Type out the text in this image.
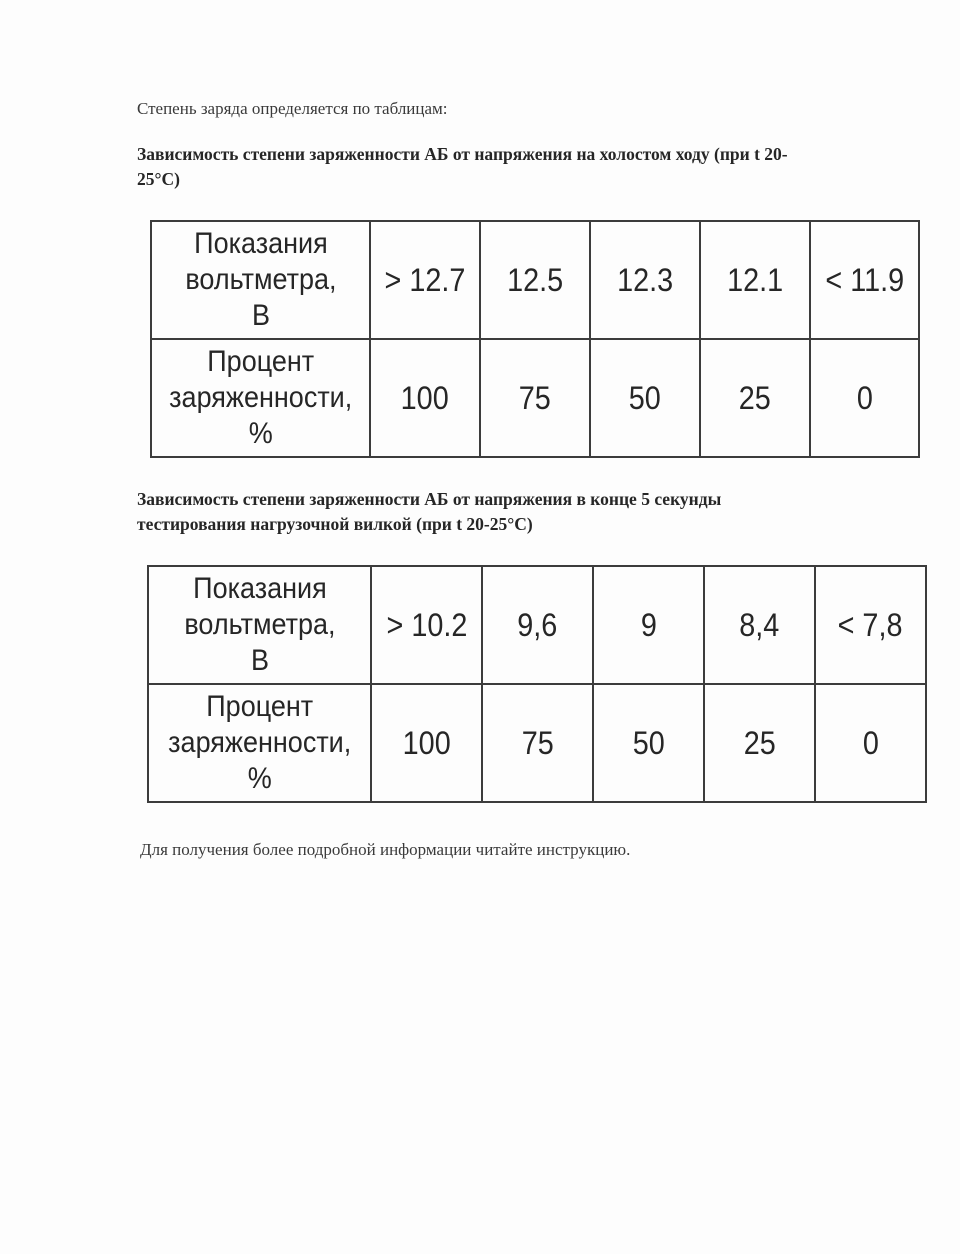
Степень заряда определяется по таблицам:
Зависимость степени заряженности АБ от напряжения на холостом ходу (при t 20-
25°C)
Показания
вольтметра,
В	> 12.7	12.5	12.3	12.1	< 11.9

Процент
заряженности,
%	100	75	50	25	0
Зависимость степени заряженности АБ от напряжения в конце 5 секунды
тестирования нагрузочной вилкой (при t 20-25°C)
Показания
вольтметра,
В	> 10.2	9,6	9	8,4	< 7,8

Процент
заряженности,
%	100	75	50	25	0
Для получения более подробной информации читайте инструкцию.
